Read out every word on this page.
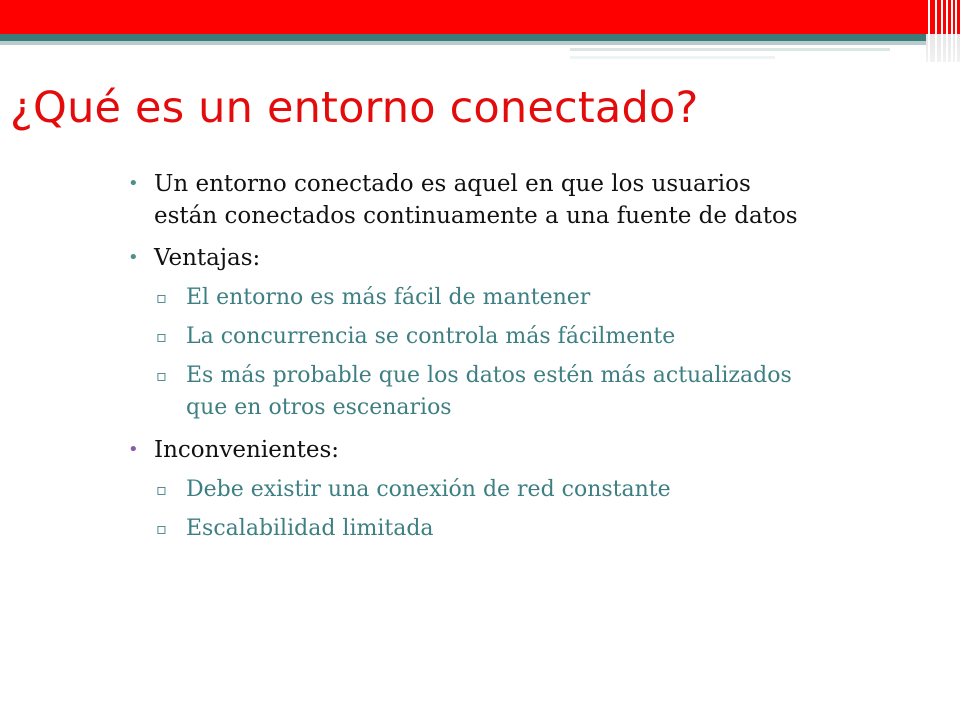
¿Qué es un entorno conectado?
• Un entorno conectado es aquel en que los usuarios están conectados continuamente a una fuente de datos
• Ventajas:
▫ El entorno es más fácil de mantener
▫ La concurrencia se controla más fácilmente
▫ Es más probable que los datos estén más actualizados que en otros escenarios
• Inconvenientes:
▫ Debe existir una conexión de red constante
▫ Escalabilidad limitada
